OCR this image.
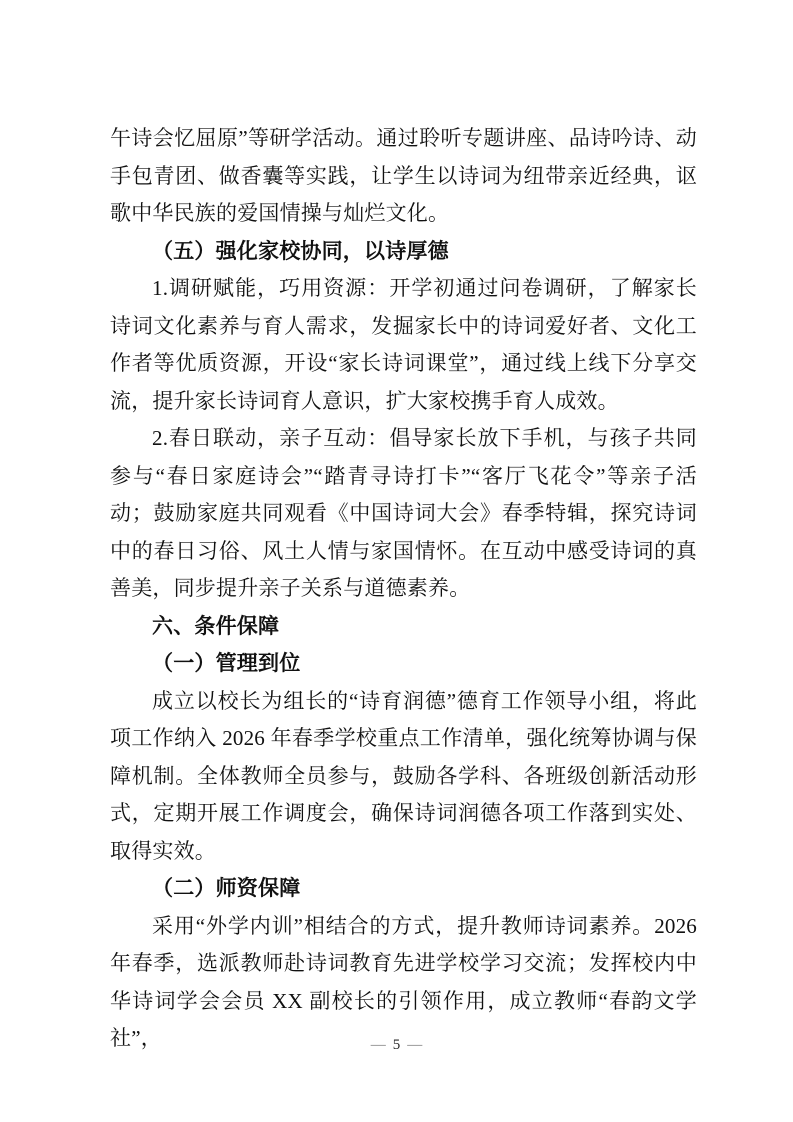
午诗会忆屈原”等研学活动。通过聆听专题讲座、品诗吟诗、动手包青团、做香囊等实践，让学生以诗词为纽带亲近经典，讴歌中华民族的爱国情操与灿烂文化。

（五）强化家校协同，以诗厚德

1.调研赋能，巧用资源：开学初通过问卷调研，了解家长诗词文化素养与育人需求，发掘家长中的诗词爱好者、文化工作者等优质资源，开设“家长诗词课堂”，通过线上线下分享交流，提升家长诗词育人意识，扩大家校携手育人成效。

2.春日联动，亲子互动：倡导家长放下手机，与孩子共同参与“春日家庭诗会”“踏青寻诗打卡”“客厅飞花令”等亲子活动；鼓励家庭共同观看《中国诗词大会》春季特辑，探究诗词中的春日习俗、风土人情与家国情怀。在互动中感受诗词的真善美，同步提升亲子关系与道德素养。

六、条件保障

（一）管理到位

成立以校长为组长的“诗育润德”德育工作领导小组，将此项工作纳入 2026 年春季学校重点工作清单，强化统筹协调与保障机制。全体教师全员参与，鼓励各学科、各班级创新活动形式，定期开展工作调度会，确保诗词润德各项工作落到实处、取得实效。

（二）师资保障

采用“外学内训”相结合的方式，提升教师诗词素养。2026 年春季，选派教师赴诗词教育先进学校学习交流；发挥校内中华诗词学会会员 XX 副校长的引领作用，成立教师“春韵文学社”，	— 5 —
